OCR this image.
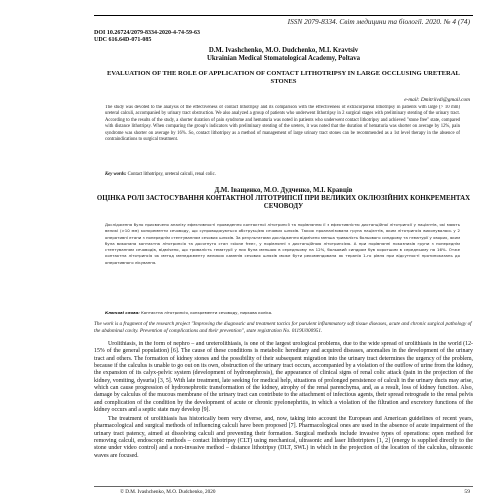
ISSN 2079-8334. Світ медицини та біології. 2020. № 4 (74)
DOI 10.26724/2079-8334-2020-4-74-59-63
UDC 616.64D-071-085
D.M. Ivashchenko, M.O. Dudchenko, M.I. Kravtsiv
Ukrainian Medical Stomatological Academy, Poltava
EVALUATION OF THE ROLE OF APPLICATION OF CONTACT LITHOTRIPSY IN LARGE OCCLUSING URETERAL STONES
e-mail: Dmitriivdi@gmail.com
The study was devoted to the analysis of the effectiveness of contact lithotripsy and its comparison with the effectiveness of extracorporeal lithotripsy in patients with large (> 10 mm) ureteral calculi, accompanied by urinary tract obstruction. We also analyzed a group of patients who underwent lithotripsy in 2 surgical stages with preliminary stenting of the urinary tract. According to the results of the study, a shorter duration of pain syndrome and hematuria was noted in patients who underwent contact lithotripsy and achieved "stone free" state, compared with distance lithotripsy. When comparing the group's indicators with preliminary stenting of the ureters, it was noted that the duration of hematuria was shorter on average by 12%, pain syndrome was shorter on average by 16%. So, contact lithotripsy as a method of management of large urinary tract stones can be recommended as a 1st level therapy in the absence of contraindications to surgical treatment.
Key words: Contact lithotripsy, ureteral calculi, renal colic.
Д.М. Іващенко, М.О. Дудченко, М.І. Кравців
ОЦІНКА РОЛІ ЗАСТОСУВАННЯ КОНТАКТНОЇ ЛІТОТРИПСІЇ ПРИ ВЕЛИКИХ ОКЛЮЗІЙНИХ КОНКРЕМЕНТАХ СЕЧОВОДУ
Дослідження було присвячено аналізу ефективності проведення контактної літотрипсії та порівнянню її з ефективністю дистанційної літотрипсії у пацієнтів, які мають великі (>10 мм) конкременти сечоводу, що супроводжуються обструкцією сечових шляхів. Також проаналізована група пацієнтів, яким літотрипсія виконувалась у 2 оперативні етапи з попереднім стентуванням сечових шляхів. За результатами дослідження відмічено менша тривалість больового синдрому та гематурії у хворих, яким була виконана контактна літотрипсія та досягнуто стан «stone free», у порівнянні з дистанційною літотрипсією. А при порівнянні показників групи з попереднім стентуванням сечоводів, відмічено, що тривалість гематурії у них була меншою в середньому на 12%, больовий синдром був коротшим в середньому на 16%. Отже контактна літотрипсія як метод менеджменту великих каменів сечових шляхів може бути рекомендована як терапія 1-го рівня при відсутності протипоказань до оперативного лікування.
Ключові слова: Контактна літотрипсія, конкременти сечоводу, ниркова коліка.
The work is a fragment of the research project "Improving the diagnostic and treatment tactics for purulent inflammatory soft tissue diseases, acute and chronic surgical pathology of the abdominal cavity. Prevention of complications and their prevention", state registration No. 0119U000951.
Urolithiasis, in the form of nephro – and ureterolithiasis, is one of the largest urological problems, due to the wide spread of urolithiasis in the world (12-15% of the general population) [6]. The cause of these conditions is metabolic hereditary and acquired diseases, anomalies in the development of the urinary tract and others. The formation of kidney stones and the possibility of their subsequent migration into the urinary tract determines the urgency of the problem, because if the calculus is unable to go out on its own, obstruction of the urinary tract occurs, accompanied by a violation of the outflow of urine from the kidney, the expansion of its calyx-pelvic system (development of hydronephrosis), the appearance of clinical signs of renal colic attack (pain in the projection of the kidney, vomiting, dysuria) [3, 5]. With late treatment, late seeking for medical help, situations of prolonged persistence of calculi in the urinary ducts may arise, which can cause progression of hydronephrotic transformation of the kidney, atrophy of the renal parenchyma, and, as a result, loss of kidney function. Also, damage by calculus of the mucous membrane of the urinary tract can contribute to the attachment of infectious agents, their spread retrograde to the renal pelvis and complication of the condition by the development of acute or chronic pyelonephritis, in which a violation of the filtration and excretory functions of the kidney occurs and a septic state may develop [9].
The treatment of urolithiasis has historically been very diverse, and, now, taking into account the European and American guidelines of recent years, pharmacological and surgical methods of influencing calculi have been proposed [7]. Pharmacological ones are used in the absence of acute impairment of the urinary tract patency, aimed at dissolving calculi and preventing their formation. Surgical methods include invasive types of operations: open method for removing calculi, endoscopic methods – contact lithotripsy (CLT) using mechanical, ultrasonic and laser lithotripters [1, 2] (energy is supplied directly to the stone under video control) and a non-invasive method – distance lithotripsy (DLT, SWL) in which in the projection of the location of the calculus, ultrasonic waves are focused.
© D.M. Ivashchenko, M.O. Dudchenko, 2020	59
